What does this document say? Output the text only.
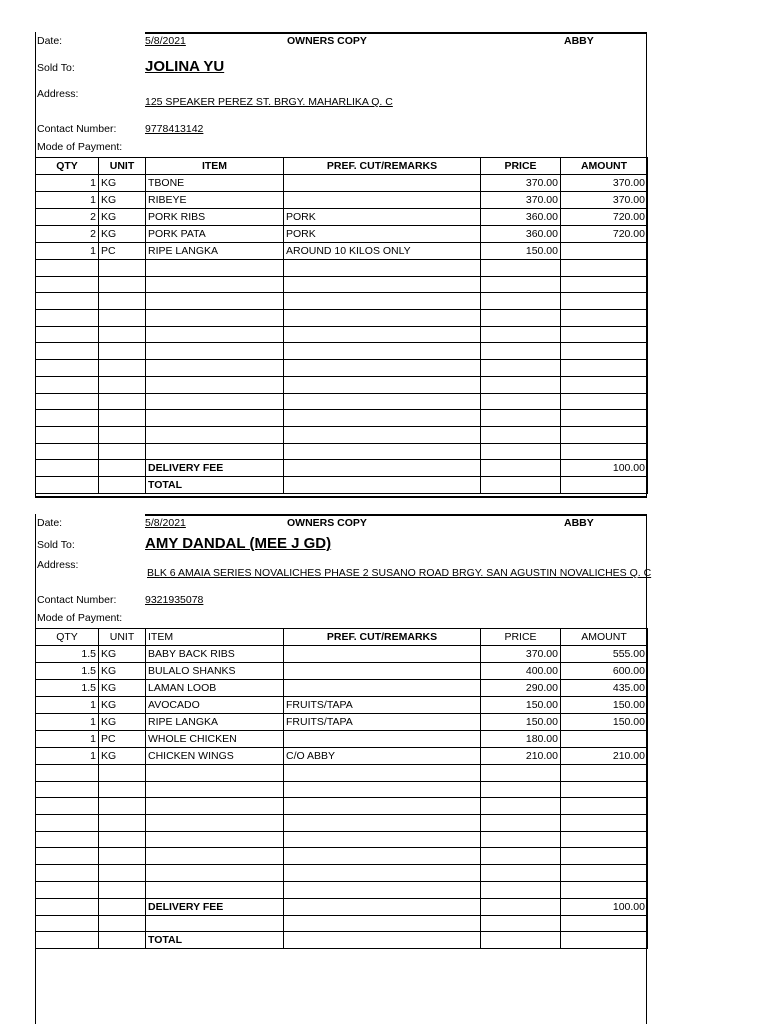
Date:	5/8/2021	OWNERS COPY	ABBY
Sold To:	JOLINA YU
Address:
125 SPEAKER PEREZ ST. BRGY. MAHARLIKA Q. C
Contact Number:	9778413142
Mode of Payment:
QTY	UNIT	ITEM	PREF. CUT/REMARKS	PRICE	AMOUNT
1	KG	TBONE		370.00	370.00
1	KG	RIBEYE		370.00	370.00
2	KG	PORK RIBS	PORK	360.00	720.00
2	KG	PORK PATA	PORK	360.00	720.00
1	PC	RIPE LANGKA	AROUND 10 KILOS ONLY	150.00	

		DELIVERY FEE			100.00
		TOTAL			
Date:	5/8/2021	OWNERS COPY	ABBY
Sold To:	AMY DANDAL (MEE J GD)
Address:
BLK 6 AMAIA SERIES NOVALICHES PHASE 2 SUSANO ROAD BRGY. SAN AGUSTIN NOVALICHES Q. C
Contact Number:	9321935078
Mode of Payment:
QTY	UNIT	ITEM	PREF. CUT/REMARKS	PRICE	AMOUNT
1.5	KG	BABY BACK RIBS		370.00	555.00
1.5	KG	BULALO SHANKS		400.00	600.00
1.5	KG	LAMAN LOOB		290.00	435.00
1	KG	AVOCADO	FRUITS/TAPA	150.00	150.00
1	KG	RIPE LANGKA	FRUITS/TAPA	150.00	150.00
1	PC	WHOLE CHICKEN		180.00	
1	KG	CHICKEN WINGS	C/O ABBY	210.00	210.00

		DELIVERY FEE			100.00

		TOTAL			
